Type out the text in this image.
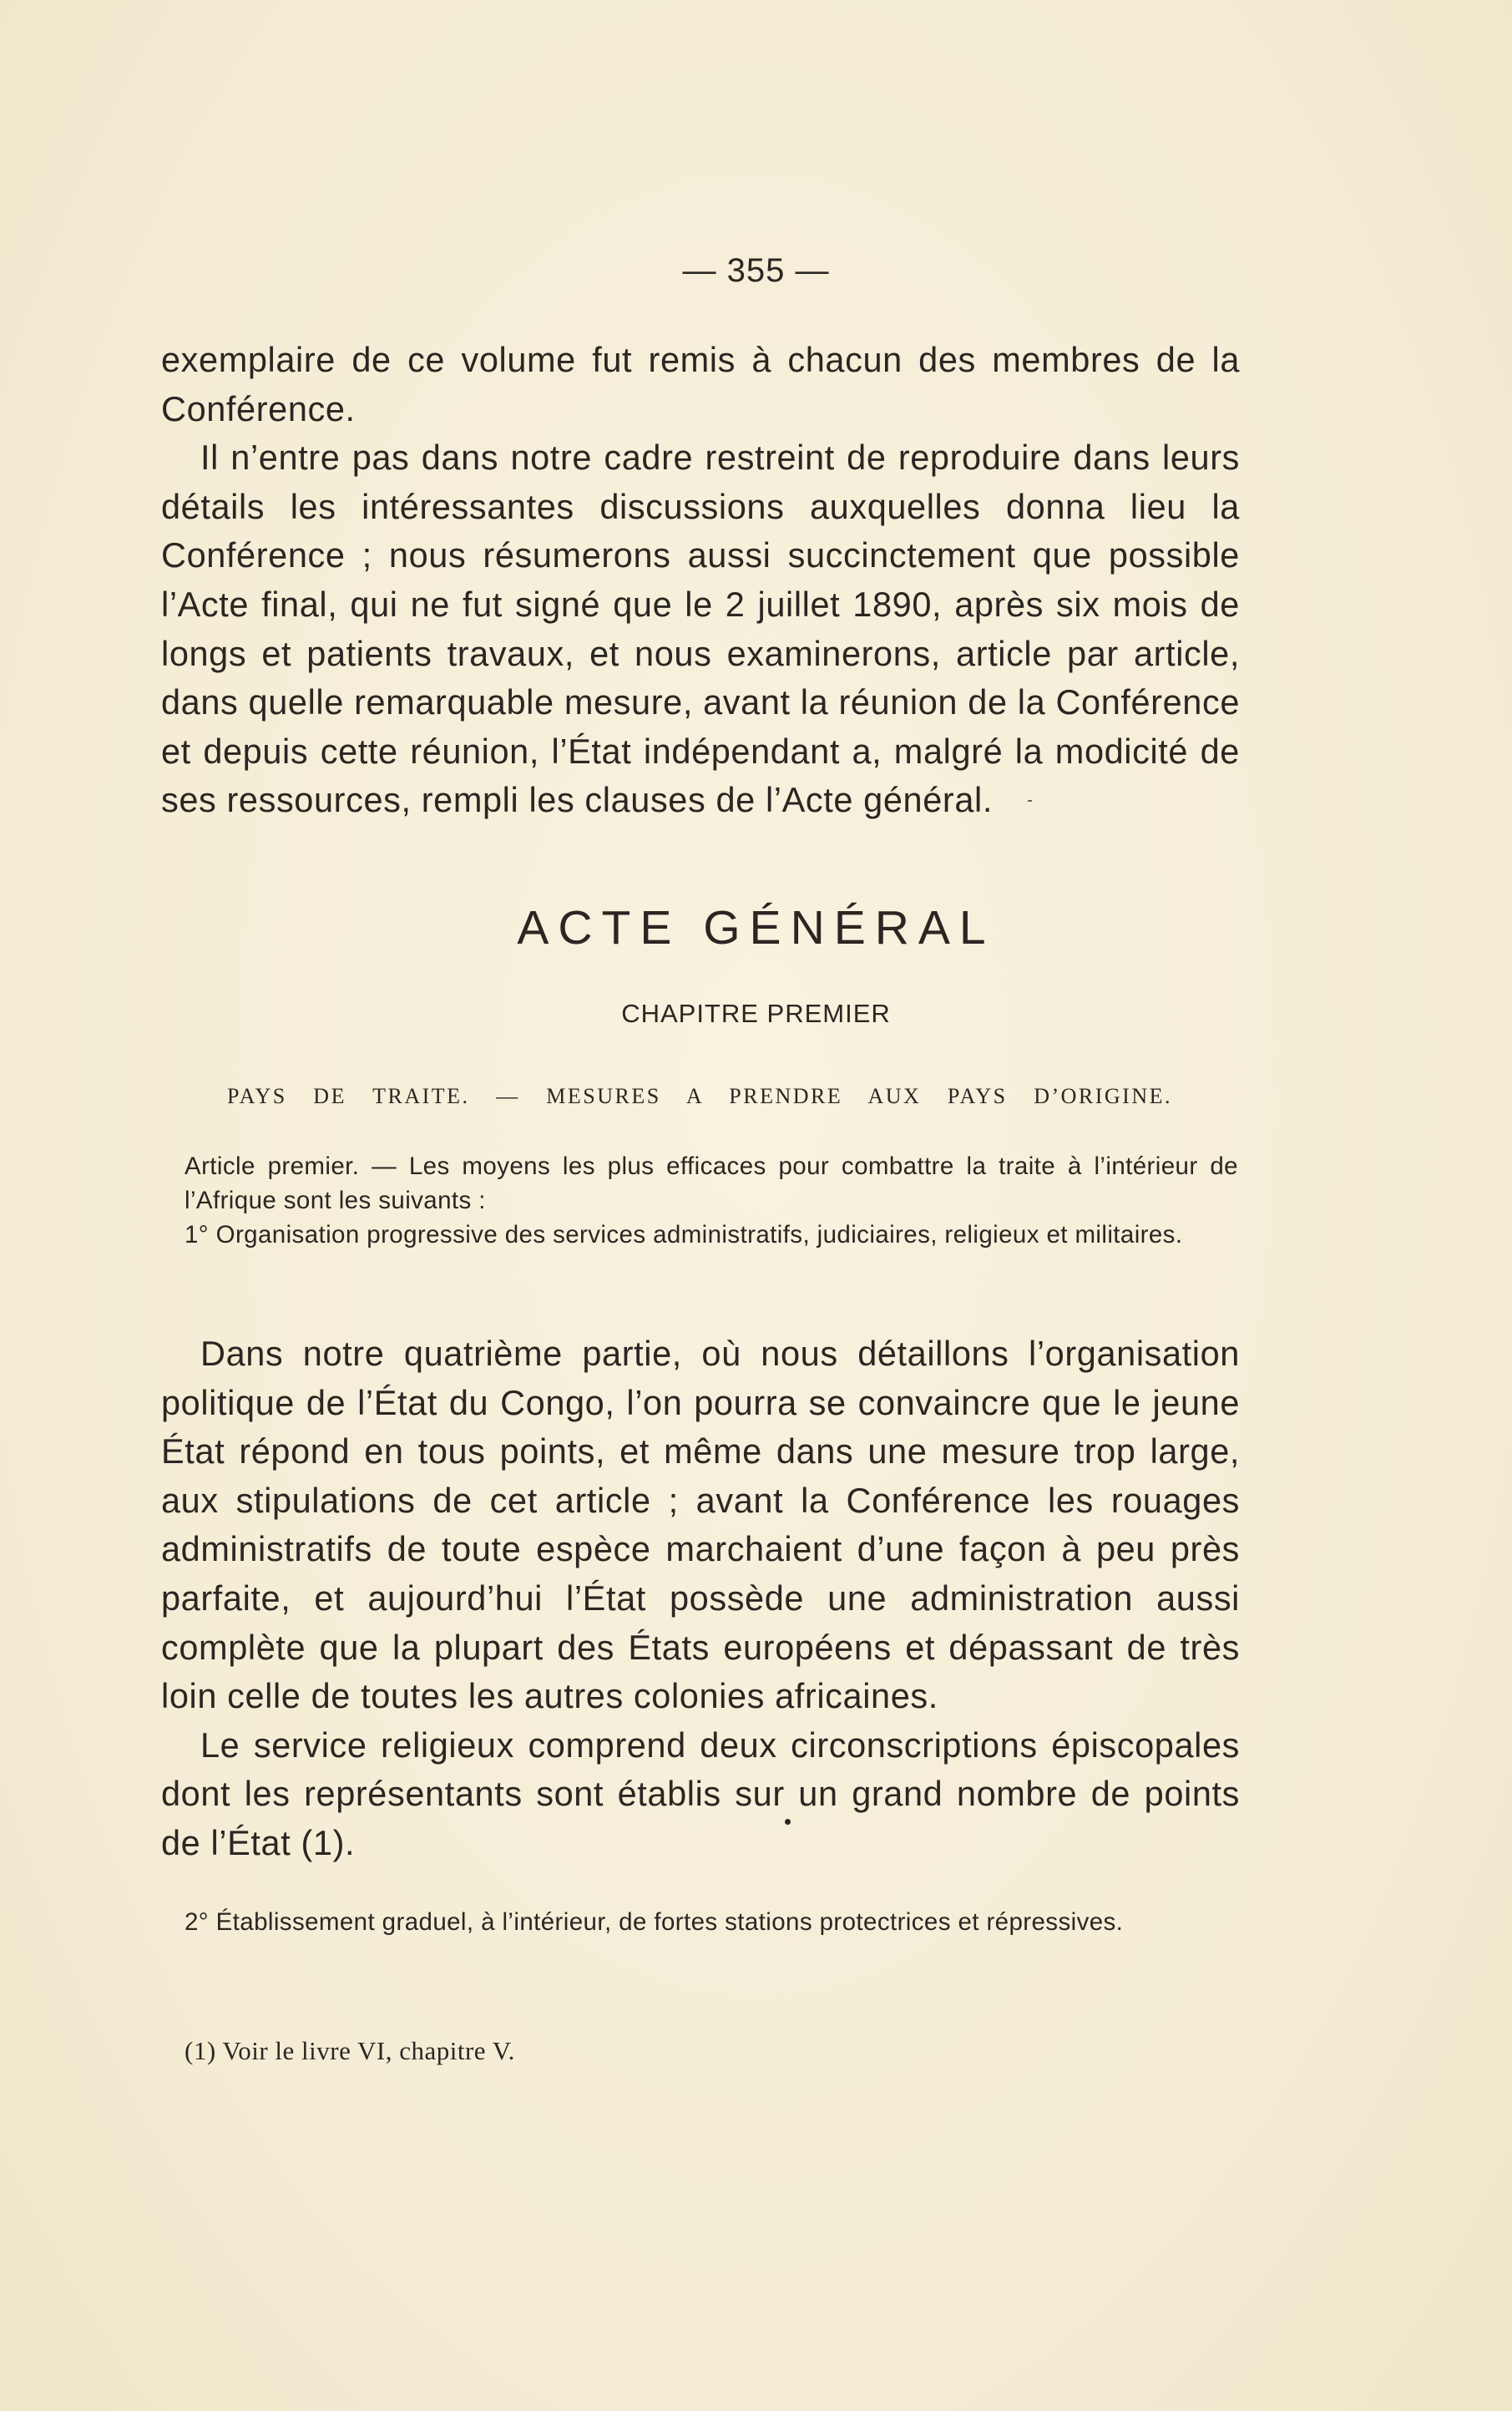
— 355 —

exemplaire de ce volume fut remis à chacun des membres de la Conférence.

Il n’entre pas dans notre cadre restreint de reproduire dans leurs détails les intéressantes discussions auxquelles donna lieu la Conférence ; nous résumerons aussi succinctement que possible l’Acte final, qui ne fut signé que le 2 juillet 1890, après six mois de longs et patients travaux, et nous examinerons, article par article, dans quelle remarquable mesure, avant la réunion de la Conférence et depuis cette réunion, l’État indépendant a, malgré la modicité de ses ressources, rempli les clauses de l’Acte général.

ACTE GÉNÉRAL
CHAPITRE PREMIER
PAYS DE TRAITE. — MESURES A PRENDRE AUX PAYS D’ORIGINE.

Article premier. — Les moyens les plus efficaces pour combattre la traite à l’intérieur de l’Afrique sont les suivants :

1° Organisation progressive des services administratifs, judiciaires, religieux et militaires.

Dans notre quatrième partie, où nous détaillons l’organisation politique de l’État du Congo, l’on pourra se convaincre que le jeune État répond en tous points, et même dans une mesure trop large, aux stipulations de cet article ; avant la Conférence les rouages administratifs de toute espèce marchaient d’une façon à peu près parfaite, et aujourd’hui l’État possède une administration aussi complète que la plupart des États européens et dépassant de très loin celle de toutes les autres colonies africaines.

Le service religieux comprend deux circonscriptions épiscopales dont les représentants sont établis sur un grand nombre de points de l’État (1).

2° Établissement graduel, à l’intérieur, de fortes stations protectrices et répressives.

(1) Voir le livre VI, chapitre V.
